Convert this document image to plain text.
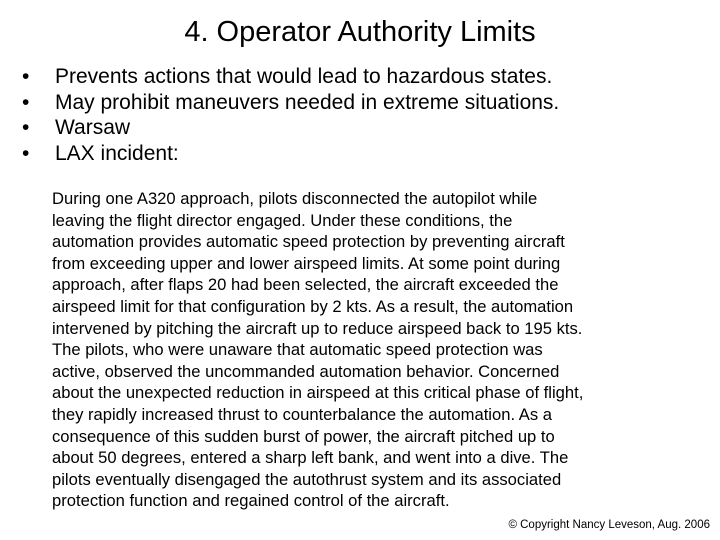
4. Operator Authority Limits
•	Prevents actions that would lead to hazardous states.
•	May prohibit maneuvers needed in extreme situations.
•	Warsaw
•	LAX incident:
During one A320 approach, pilots disconnected the autopilot while
leaving the flight director engaged. Under these conditions, the
automation provides automatic speed protection by preventing aircraft
from exceeding upper and lower airspeed limits. At some point during
approach, after flaps 20 had been selected, the aircraft exceeded the
airspeed limit for that configuration by 2 kts. As a result, the automation
intervened by pitching the aircraft up to reduce airspeed back to 195 kts.
The pilots, who were unaware that automatic speed protection was
active, observed the uncommanded automation behavior. Concerned
about the unexpected reduction in airspeed at this critical phase of flight,
they rapidly increased thrust to counterbalance the automation. As a
consequence of this sudden burst of power, the aircraft pitched up to
about 50 degrees, entered a sharp left bank, and went into a dive. The
pilots eventually disengaged the autothrust system and its associated
protection function and regained control of the aircraft.
© Copyright Nancy Leveson, Aug. 2006
